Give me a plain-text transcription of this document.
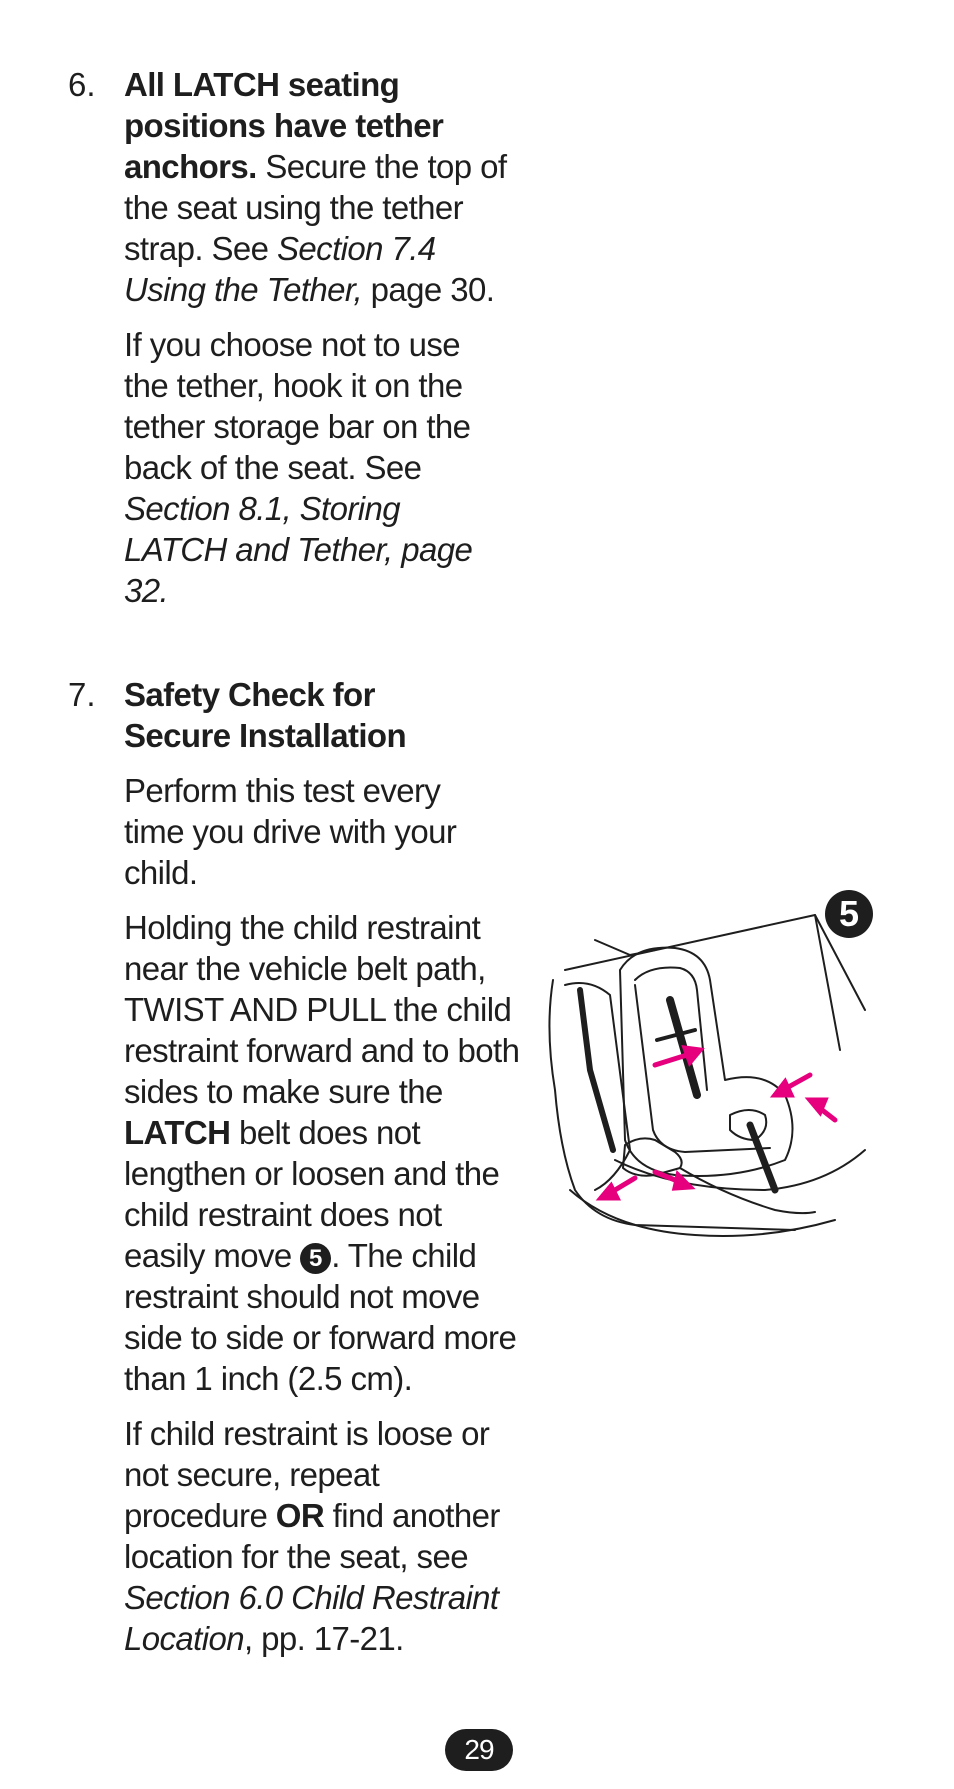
6. All LATCH seating positions have tether anchors. Secure the top of the seat using the tether strap. See Section 7.4 Using the Tether, page 30.

If you choose not to use the tether, hook it on the tether storage bar on the back of the seat. See Section 8.1, Storing LATCH and Tether, page 32.

7. Safety Check for Secure Installation

Perform this test every time you drive with your child.

Holding the child restraint near the vehicle belt path, TWIST AND PULL the child restraint forward and to both sides to make sure the LATCH belt does not lengthen or loosen and the child restraint does not easily move 5 . The child restraint should not move side to side or forward more than 1 inch (2.5 cm).

If child restraint is loose or not secure, repeat procedure OR find another location for the seat, see Section 6.0 Child Restraint Location, pp. 17-21.

5
29
